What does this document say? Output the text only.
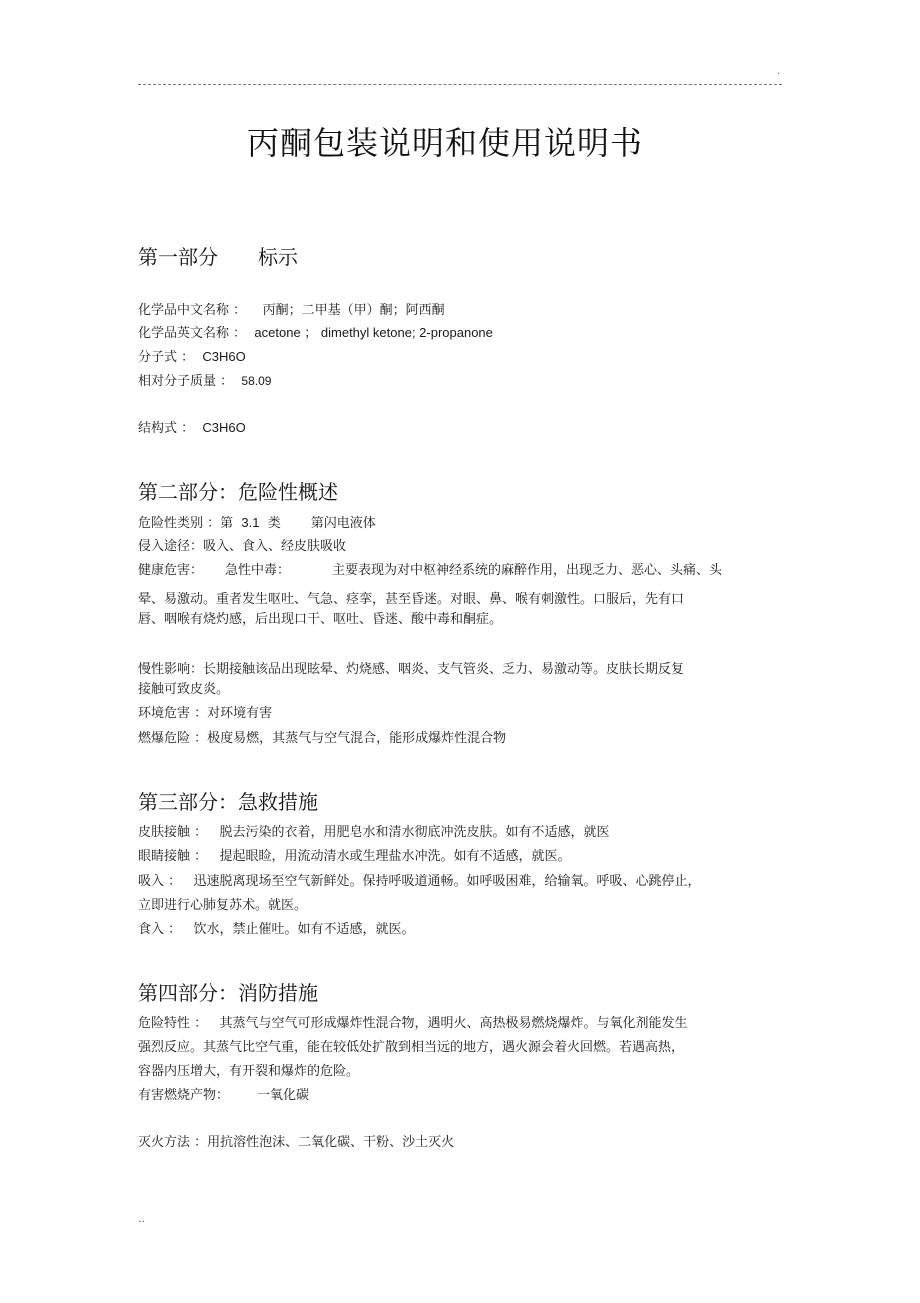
.
丙酮包装说明和使用说明书
第一部分 标示
化学品中文名称 ： 丙酮；二甲基（甲）酮；阿西酮
化学品英文名称 ： acetone ； dimethyl ketone; 2-propanone
分子式 ： C3H6O
相对分子质量 ： 58.09
结构式 ： C3H6O
第二部分：危险性概述
危险性类别 ：第 3.1 类 第闪电液体
侵入途径：吸入、食入、经皮肤吸收
健康危害： 急性中毒：	主要表现为对中枢神经系统的麻醉作用，出现乏力、恶心、头痛、头
晕、易激动。重者发生呕吐、气急、痉挛，甚至昏迷。对眼、鼻、喉有刺激性。口服后，先有口
唇、咽喉有烧灼感，后出现口干、呕吐、昏迷、酸中毒和酮症。
慢性影响：长期接触该品出现眩晕、灼烧感、咽炎、支气管炎、乏力、易激动等。皮肤长期反复
接触可致皮炎。
环境危害 ：对环境有害
燃爆危险 ：极度易燃，其蒸气与空气混合，能形成爆炸性混合物
第三部分：急救措施
皮肤接触 ： 脱去污染的衣着，用肥皂水和清水彻底冲洗皮肤。如有不适感，就医
眼睛接触 ： 提起眼睑，用流动清水或生理盐水冲洗。如有不适感，就医。
吸入 ： 迅速脱离现场至空气新鲜处。保持呼吸道通畅。如呼吸困难，给输氧。呼吸、心跳停止，
立即进行心肺复苏术。就医。
食入 ： 饮水，禁止催吐。如有不适感，就医。
第四部分：消防措施
危险特性 ： 其蒸气与空气可形成爆炸性混合物，遇明火、高热极易燃烧爆炸。与氧化剂能发生
强烈反应。其蒸气比空气重，能在较低处扩散到相当远的地方，遇火源会着火回燃。若遇高热，
容器内压增大，有开裂和爆炸的危险。
有害燃烧产物： 一氧化碳
灭火方法 ：用抗溶性泡沫、二氧化碳、干粉、沙土灭火
..
